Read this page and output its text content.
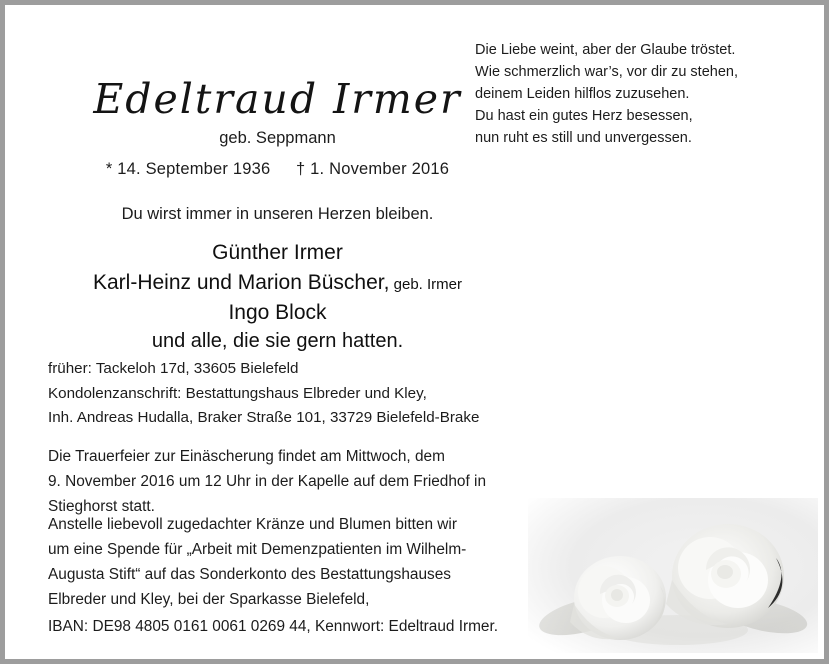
Die Liebe weint, aber der Glaube tröstet.
Wie schmerzlich war’s, vor dir zu stehen,
deinem Leiden hilflos zuzusehen.
Du hast ein gutes Herz besessen,
nun ruht es still und unvergessen.
Edeltraud Irmer
geb. Seppmann
* 14. September 1936 † 1. November 2016
Du wirst immer in unseren Herzen bleiben.
Günther Irmer
Karl-Heinz und Marion Büscher, geb. Irmer
Ingo Block
und alle, die sie gern hatten.
früher: Tackeloh 17d, 33605 Bielefeld
Kondolenzanschrift: Bestattungshaus Elbreder und Kley,
Inh. Andreas Hudalla, Braker Straße 101, 33729 Bielefeld-Brake
Die Trauerfeier zur Einäscherung findet am Mittwoch, dem
9. November 2016 um 12 Uhr in der Kapelle auf dem Friedhof in
Stieghorst statt.
Anstelle liebevoll zugedachter Kränze und Blumen bitten wir
um eine Spende für „Arbeit mit Demenzpatienten im Wilhelm-
Augusta Stift“ auf das Sonderkonto des Bestattungshauses
Elbreder und Kley, bei der Sparkasse Bielefeld,
IBAN: DE98 4805 0161 0061 0269 44, Kennwort: Edeltraud Irmer.
